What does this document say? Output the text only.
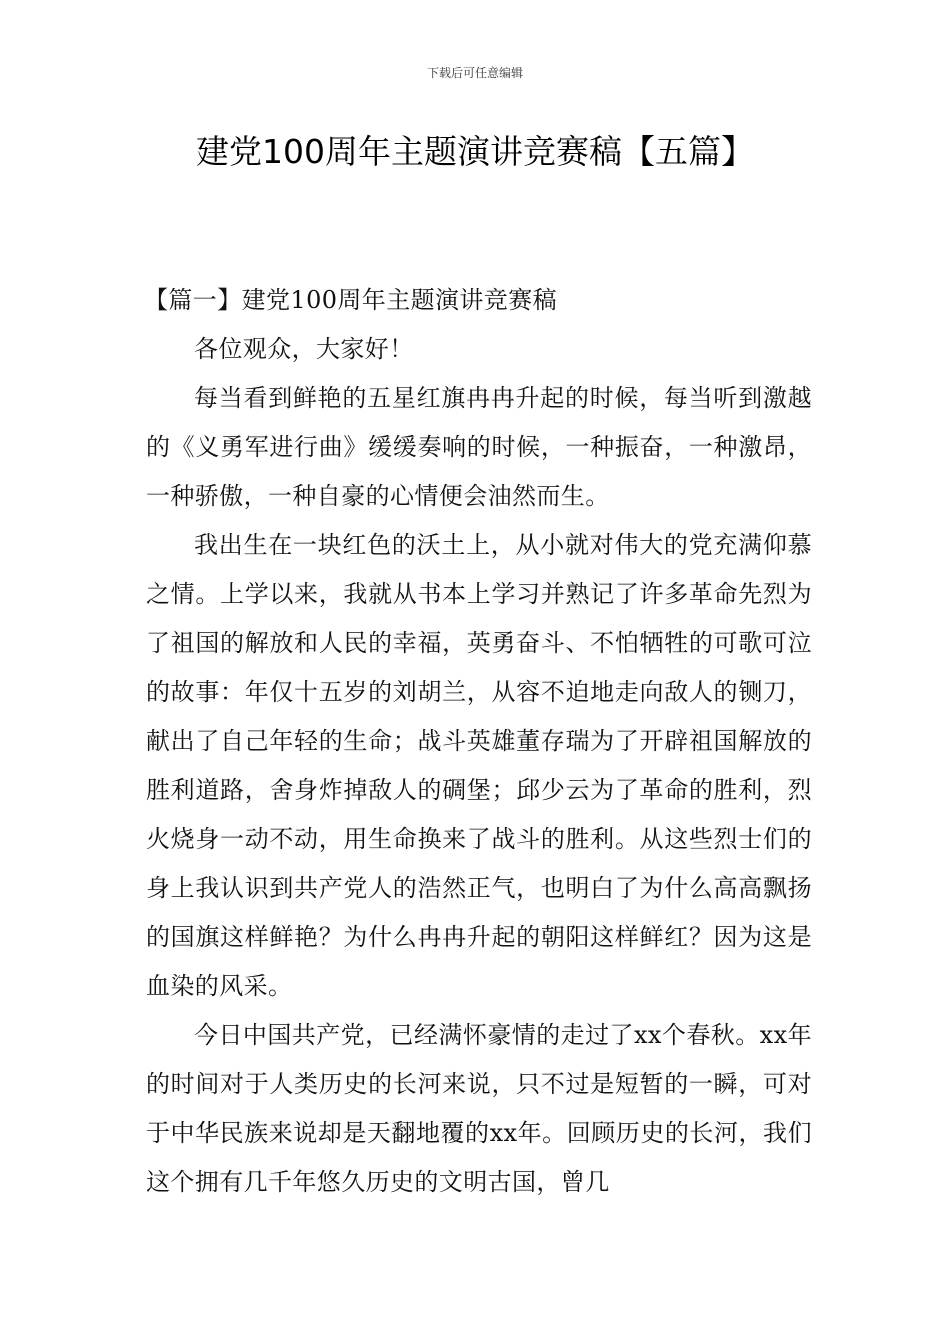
下载后可任意编辑
建党100周年主题演讲竞赛稿【五篇】
【篇一】建党100周年主题演讲竞赛稿

各位观众，大家好！

每当看到鲜艳的五星红旗冉冉升起的时候，每当听到激越的《义勇军进行曲》缓缓奏响的时候，一种振奋，一种激昂，一种骄傲，一种自豪的心情便会油然而生。

我出生在一块红色的沃土上，从小就对伟大的党充满仰慕之情。上学以来，我就从书本上学习并熟记了许多革命先烈为了祖国的解放和人民的幸福，英勇奋斗、不怕牺牲的可歌可泣的故事：年仅十五岁的刘胡兰，从容不迫地走向敌人的铡刀，献出了自己年轻的生命；战斗英雄董存瑞为了开辟祖国解放的胜利道路，舍身炸掉敌人的碉堡；邱少云为了革命的胜利，烈火烧身一动不动，用生命换来了战斗的胜利。从这些烈士们的身上我认识到共产党人的浩然正气，也明白了为什么高高飘扬的国旗这样鲜艳？为什么冉冉升起的朝阳这样鲜红？因为这是血染的风采。

今日中国共产党，已经满怀豪情的走过了xx个春秋。xx年的时间对于人类历史的长河来说，只不过是短暂的一瞬，可对于中华民族来说却是天翻地覆的xx年。回顾历史的长河，我们这个拥有几千年悠久历史的文明古国，曾几
